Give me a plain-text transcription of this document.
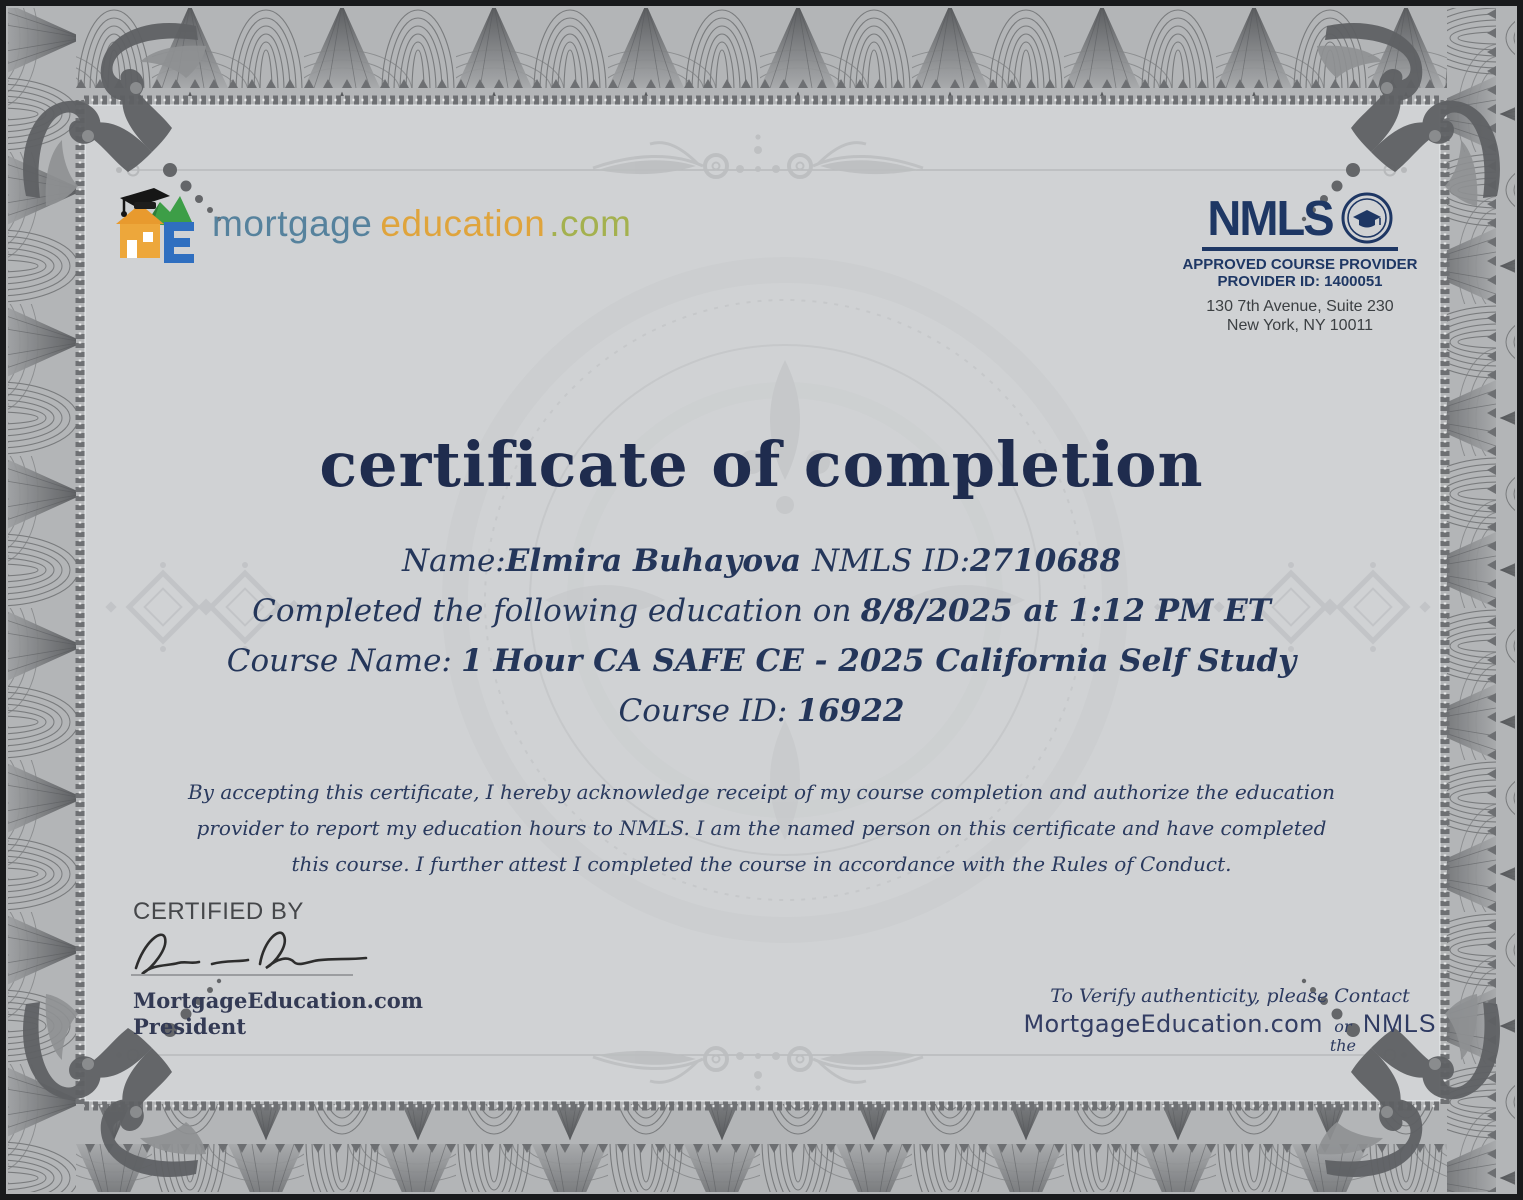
mortgage education .com	NMLS
APPROVED COURSE PROVIDER
PROVIDER ID: 1400051
130 7th Avenue, Suite 230
New York, NY 10011
certificate of completion
Name:Elmira Buhayova NMLS ID:2710688
Completed the following education on 8/8/2025 at 1:12 PM ET
Course Name: 1 Hour CA SAFE CE - 2025 California Self Study
Course ID: 16922
By accepting this certificate, I hereby acknowledge receipt of my course completion and authorize the education provider to report my education hours to NMLS. I am the named person on this certificate and have completed this course. I further attest I completed the course in accordance with the Rules of Conduct.
CERTIFIED BY
MortgageEducation.com
President
To Verify authenticity, please Contact
MortgageEducation.com or the
NMLS
